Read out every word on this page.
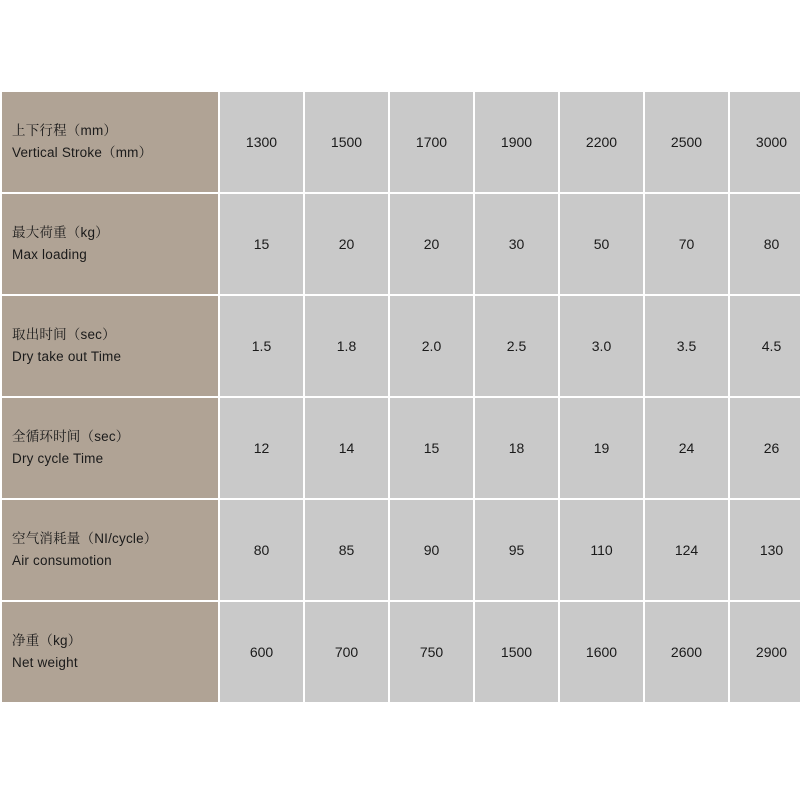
上下行程（mm）
Vertical Stroke（mm）	1300	1500	1700	1900	2200	2500	3000

最大荷重（kg）
Max loading	15	20	20	30	50	70	80

取出时间（sec）
Dry take out Time	1.5	1.8	2.0	2.5	3.0	3.5	4.5

全循环时间（sec）
Dry cycle Time	12	14	15	18	19	24	26

空气消耗量（NI/cycle）
Air consumotion	80	85	90	95	110	124	130

净重（kg）
Net weight	600	700	750	1500	1600	2600	2900
